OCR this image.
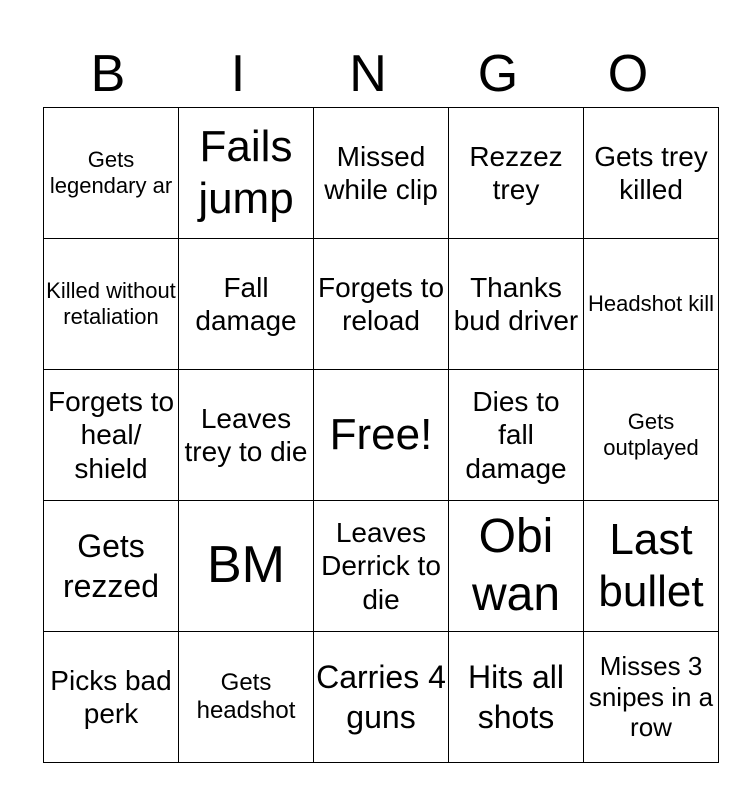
B	I	N	G	O
Gets legendary ar	Fails jump	Missed while clip	Rezzez trey	Gets trey killed
Killed without retaliation	Fall damage	Forgets to reload	Thanks bud driver	Headshot kill
Forgets to heal/ shield	Leaves trey to die	Free!	Dies to fall damage	Gets outplayed
Gets rezzed	BM	Leaves Derrick to die	Obi wan	Last bullet
Picks bad perk	Gets headshot	Carries 4 guns	Hits all shots	Misses 3 snipes in a row
